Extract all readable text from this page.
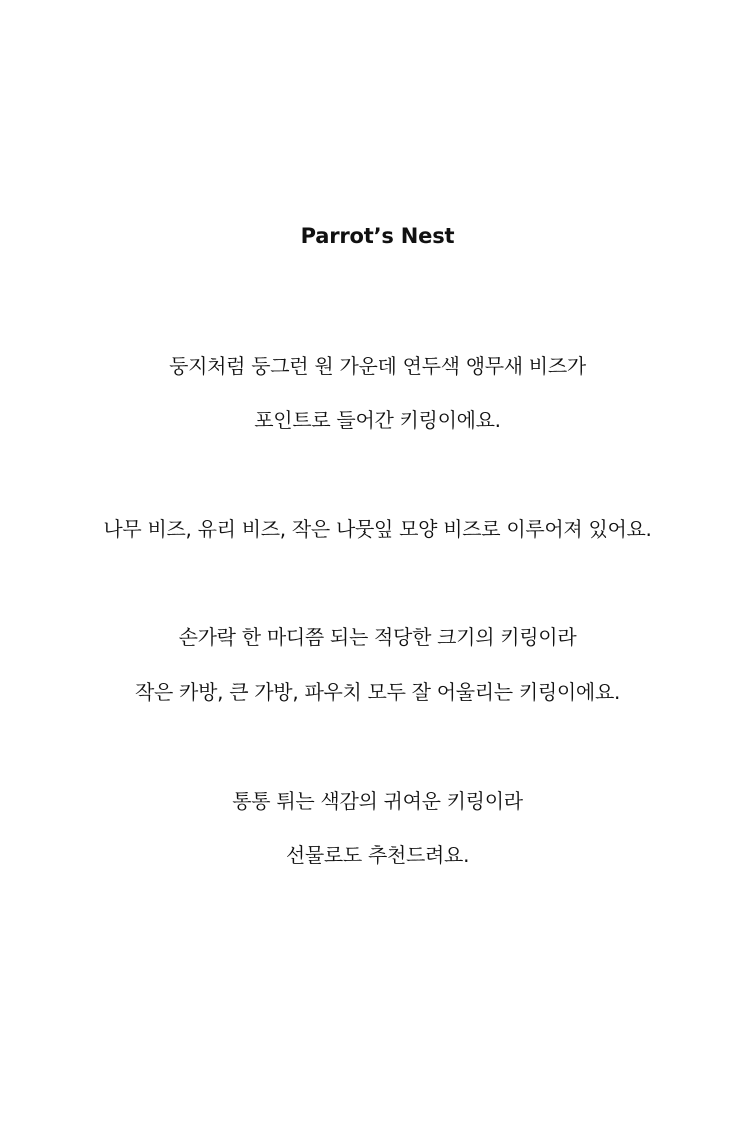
Parrot’s Nest
둥지처럼 둥그런 원 가운데 연두색 앵무새 비즈가
포인트로 들어간 키링이에요.
나무 비즈, 유리 비즈, 작은 나뭇잎 모양 비즈로 이루어져 있어요.
손가락 한 마디쯤 되는 적당한 크기의 키링이라
작은 카방, 큰 가방, 파우치 모두 잘 어울리는 키링이에요.
통통 튀는 색감의 귀여운 키링이라
선물로도 추천드려요.
